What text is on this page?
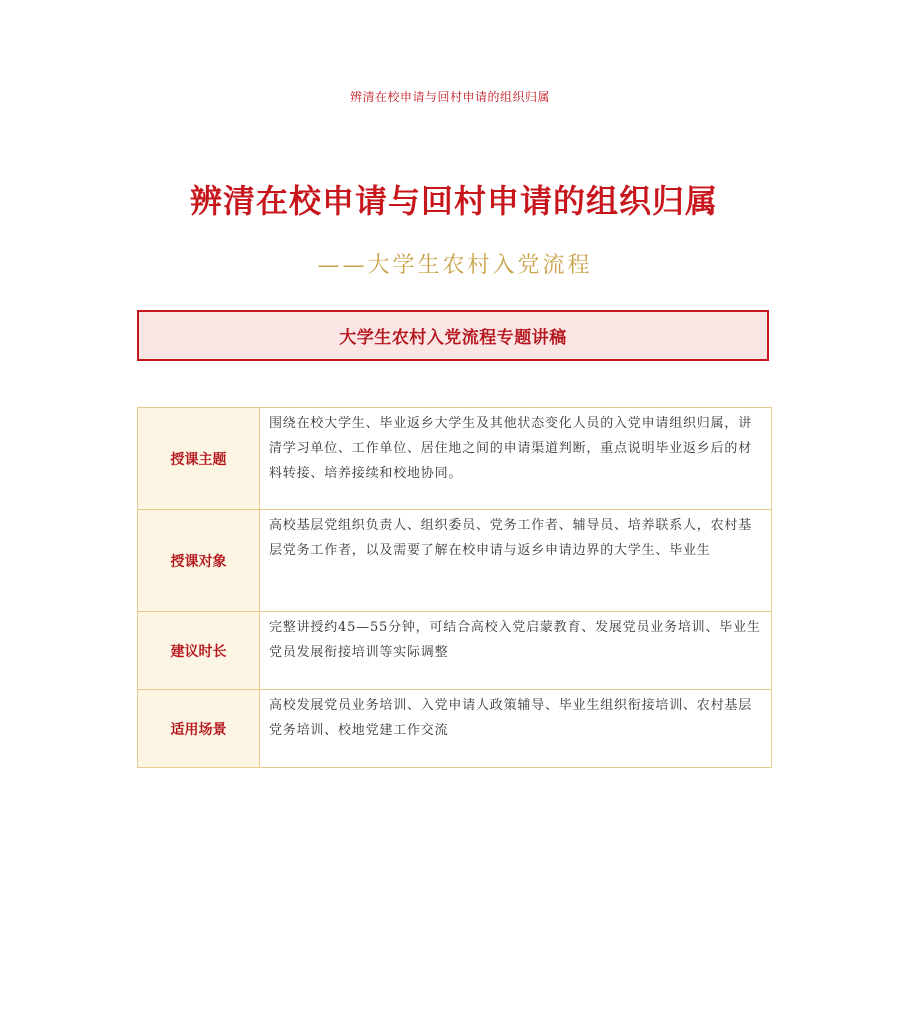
辨清在校申请与回村申请的组织归属
辨清在校申请与回村申请的组织归属
——大学生农村入党流程
大学生农村入党流程专题讲稿
授课主题	围绕在校大学生、毕业返乡大学生及其他状态变化人员的入党申请组织归属，讲清学习单位、工作单位、居住地之间的申请渠道判断，重点说明毕业返乡后的材料转接、培养接续和校地协同。
授课对象	高校基层党组织负责人、组织委员、党务工作者、辅导员、培养联系人，农村基层党务工作者，以及需要了解在校申请与返乡申请边界的大学生、毕业生
建议时长	完整讲授约45—55分钟，可结合高校入党启蒙教育、发展党员业务培训、毕业生党员发展衔接培训等实际调整
适用场景	高校发展党员业务培训、入党申请人政策辅导、毕业生组织衔接培训、农村基层党务培训、校地党建工作交流
